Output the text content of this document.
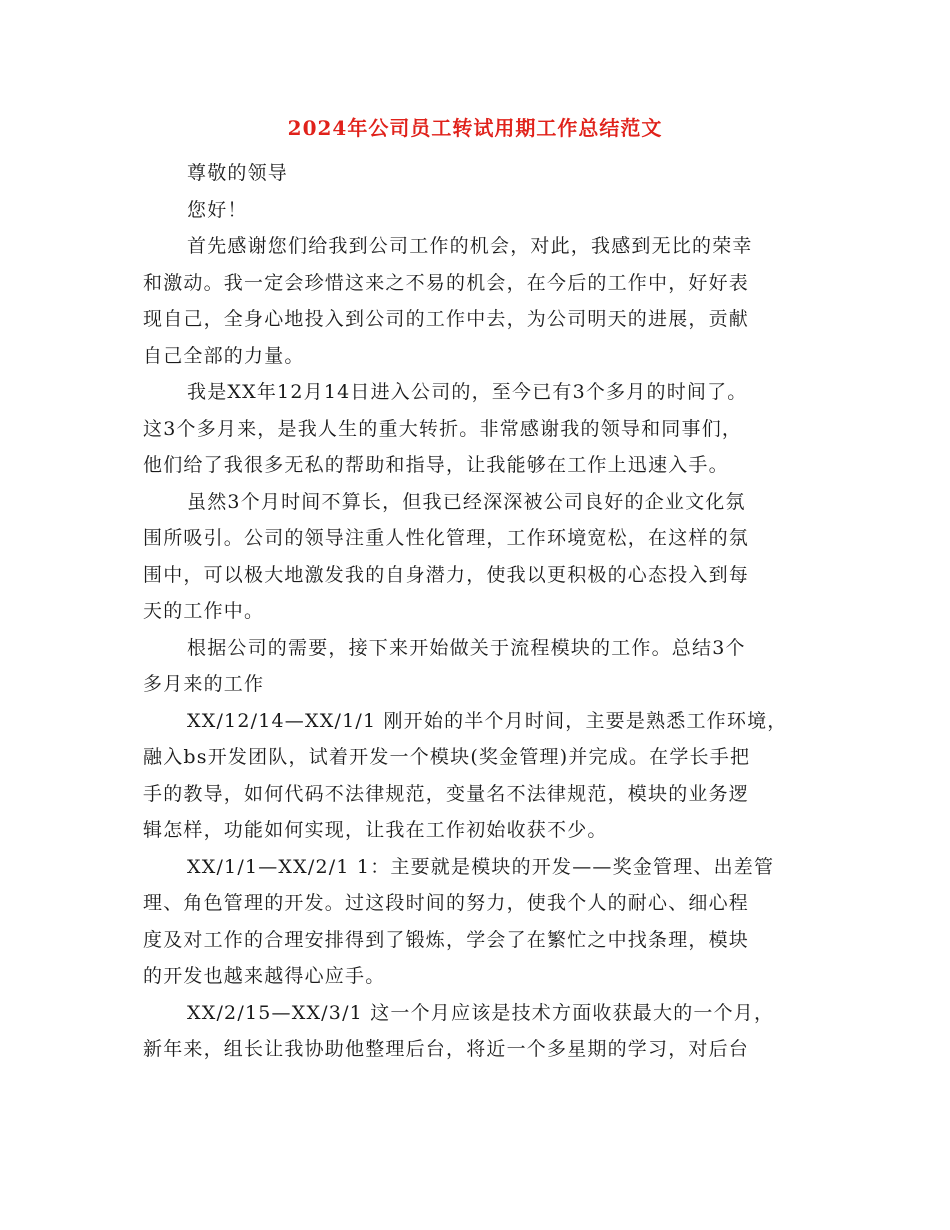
2024年公司员工转试用期工作总结范文
尊敬的领导
您好！
首先感谢您们给我到公司工作的机会，对此，我感到无比的荣幸
和激动。我一定会珍惜这来之不易的机会，在今后的工作中，好好表
现自己，全身心地投入到公司的工作中去，为公司明天的进展，贡献
自己全部的力量。
我是XX年12月14日进入公司的，至今已有3个多月的时间了。
这3个多月来，是我人生的重大转折。非常感谢我的领导和同事们，
他们给了我很多无私的帮助和指导，让我能够在工作上迅速入手。
虽然3个月时间不算长，但我已经深深被公司良好的企业文化氛
围所吸引。公司的领导注重人性化管理，工作环境宽松，在这样的氛
围中，可以极大地激发我的自身潜力，使我以更积极的心态投入到每
天的工作中。
根据公司的需要，接下来开始做关于流程模块的工作。总结3个
多月来的工作
XX/12/14—XX/1/1 刚开始的半个月时间，主要是熟悉工作环境，
融入bs开发团队，试着开发一个模块(奖金管理)并完成。在学长手把
手的教导，如何代码不法律规范，变量名不法律规范，模块的业务逻
辑怎样，功能如何实现，让我在工作初始收获不少。
XX/1/1—XX/2/1 1：主要就是模块的开发——奖金管理、出差管
理、角色管理的开发。过这段时间的努力，使我个人的耐心、细心程
度及对工作的合理安排得到了锻炼，学会了在繁忙之中找条理，模块
的开发也越来越得心应手。
XX/2/15—XX/3/1 这一个月应该是技术方面收获最大的一个月，
新年来，组长让我协助他整理后台，将近一个多星期的学习，对后台
